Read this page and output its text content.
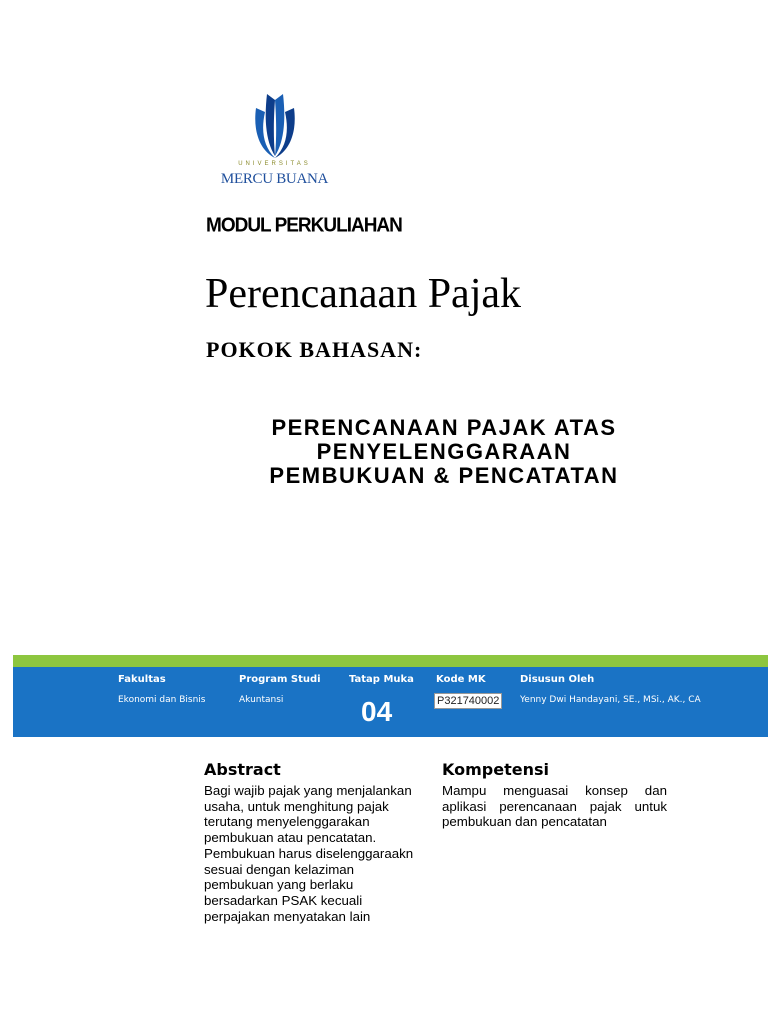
UNIVERSITAS
MERCU BUANA
MODUL PERKULIAHAN
Perencanaan Pajak
POKOK BAHASAN:
PERENCANAAN PAJAK ATAS
PENYELENGGARAAN
PEMBUKUAN & PENCATATAN
Fakultas
Ekonomi dan Bisnis
Program Studi
Akuntansi
Tatap Muka
04
Kode MK
P321740002
Disusun Oleh
Yenny Dwi Handayani, SE., MSi., AK., CA
Abstract
Bagi wajib pajak yang menjalankan
usaha, untuk menghitung pajak
terutang menyelenggarakan
pembukuan atau pencatatan.
Pembukuan harus diselenggaraakn
sesuai dengan kelaziman
pembukuan yang berlaku
bersadarkan PSAK kecuali
perpajakan menyatakan lain
Kompetensi
Mampu menguasai konsep dan aplikasi perencanaan pajak untuk pembukuan dan pencatatan
